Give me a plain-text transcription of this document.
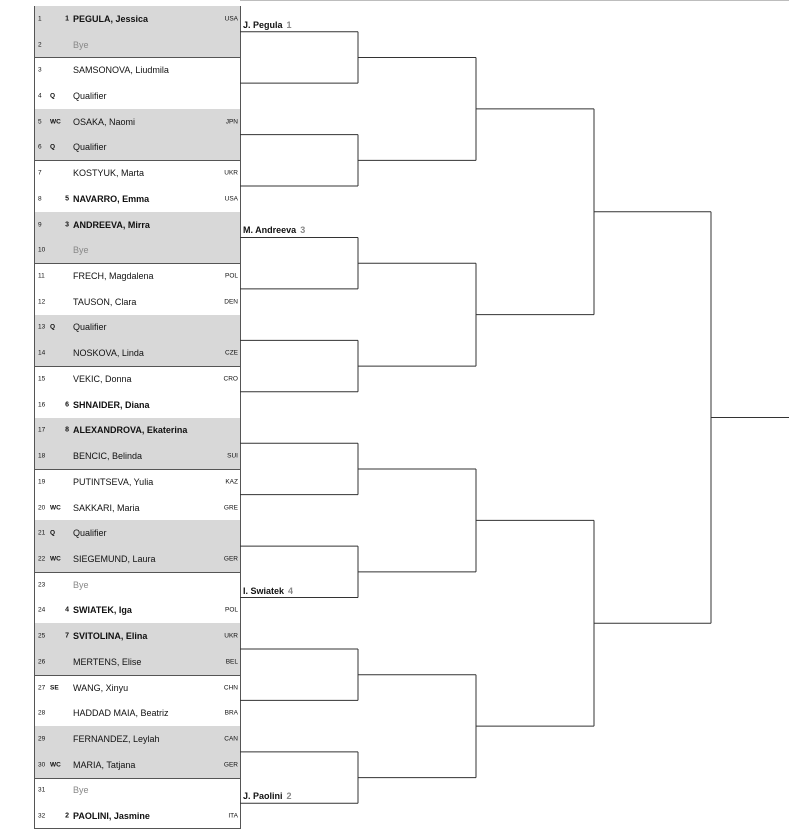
1	1 PEGULA, Jessica	USA
2	Bye
3	SAMSONOVA, Liudmila
4 Q Qualifier
5 WC OSAKA, Naomi	JPN
6 Q Qualifier
7	KOSTYUK, Marta	UKR
8	5 NAVARRO, Emma	USA
9	3 ANDREEVA, Mirra
10	Bye
11	FRECH, Magdalena	POL
12	TAUSON, Clara	DEN
13 Q Qualifier
14	NOSKOVA, Linda	CZE
15	VEKIC, Donna	CRO
16	6 SHNAIDER, Diana
17	8 ALEXANDROVA, Ekaterina
18	BENCIC, Belinda	SUI
19	PUTINTSEVA, Yulia	KAZ
20 WC SAKKARI, Maria	GRE
21 Q Qualifier
22 WC SIEGEMUND, Laura	GER
23	Bye
24	4 SWIATEK, Iga	POL
25	7 SVITOLINA, Elina	UKR
26	MERTENS, Elise	BEL
27 SE WANG, Xinyu	CHN
28	HADDAD MAIA, Beatriz	BRA
29	FERNANDEZ, Leylah	CAN
30 WC MARIA, Tatjana	GER
31	Bye
32	2 PAOLINI, Jasmine	ITA
J. Pegula 1
M. Andreeva 3
I. Swiatek 4
J. Paolini 2
